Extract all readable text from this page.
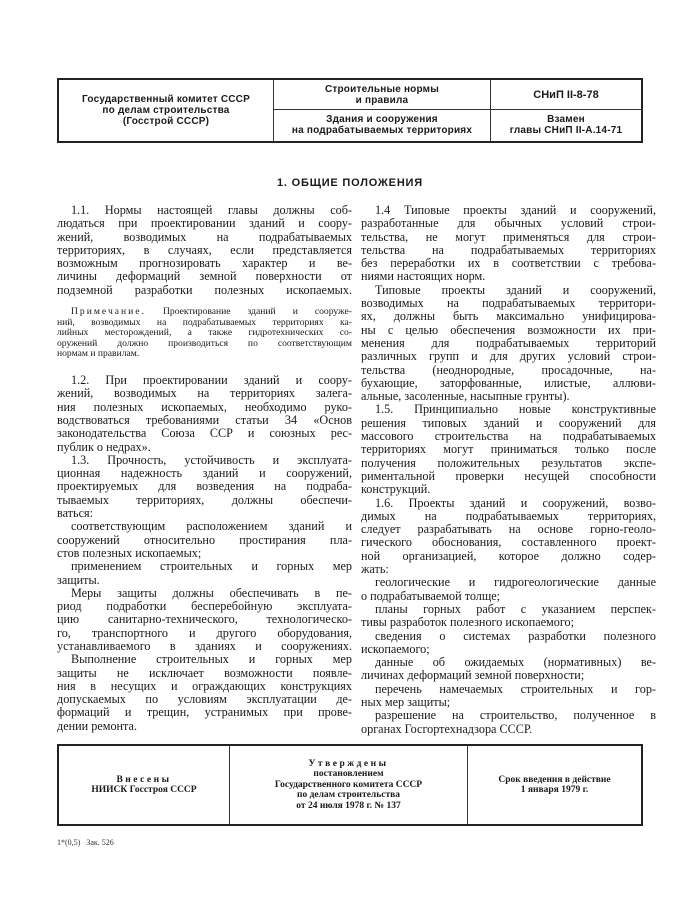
Государственный комитет СССР
по делам строительства
(Госстрой СССР)
Строительные нормы
и правила
Здания и сооружения
на подрабатываемых территориях
СНиП II-8-78
Взамен
главы СНиП II-А.14-71
1. ОБЩИЕ ПОЛОЖЕНИЯ
1.1. Нормы настоящей главы должны соб-
людаться при проектировании зданий и соору-
жений, возводимых на подрабатываемых
территориях, в случаях, если представляется
возможным прогнозировать характер и ве-
личины деформаций земной поверхности от
подземной разработки полезных ископаемых.
Примечание. Проектирование зданий и сооруже-
ний, возводимых на подрабатываемых территориях ка-
лийных месторождений, а также гидротехнических со-
оружений должно производиться по соответствующим
нормам и правилам.
1.2. При проектировании зданий и соору-
жений, возводимых на территориях залега-
ния полезных ископаемых, необходимо руко-
водствоваться требованиями статьи 34 «Основ
законодательства Союза ССР и союзных рес-
публик о недрах».
1.3. Прочность, устойчивость и эксплуата-
ционная надежность зданий и сооружений,
проектируемых для возведения на подраба-
тываемых территориях, должны обеспечи-
ваться:
соответствующим расположением зданий и
сооружений относительно простирания пла-
стов полезных ископаемых;
применением строительных и горных мер
защиты.
Меры защиты должны обеспечивать в пе-
риод подработки бесперебойную эксплуата-
цию санитарно-технического, технологическо-
го, транспортного и другого оборудования,
устанавливаемого в зданиях и сооружениях.
Выполнение строительных и горных мер
защиты не исключает возможности появле-
ния в несущих и ограждающих конструкциях
допускаемых по условиям эксплуатации де-
формаций и трещин, устранимых при прове-
дении ремонта.
1.4 Типовые проекты зданий и сооружений,
разработанные для обычных условий строи-
тельства, не могут применяться для строи-
тельства на подрабатываемых территориях
без переработки их в соответствии с требова-
ниями настоящих норм.
Типовые проекты зданий и сооружений,
возводимых на подрабатываемых территори-
ях, должны быть максимально унифицирова-
ны с целью обеспечения возможности их при-
менения для подрабатываемых территорий
различных групп и для других условий строи-
тельства (неоднородные, просадочные, на-
бухающие, заторфованные, илистые, аллюви-
альные, засоленные, насыпные грунты).
1.5. Принципиально новые конструктивные
решения типовых зданий и сооружений для
массового строительства на подрабатываемых
территориях могут приниматься только после
получения положительных результатов экспе-
риментальной проверки несущей способности
конструкций.
1.6. Проекты зданий и сооружений, возво-
димых на подрабатываемых территориях,
следует разрабатывать на основе горно-геоло-
гического обоснования, составленного проект-
ной организацией, которое должно содер-
жать:
геологические и гидрогеологические данные
о подрабатываемой толще;
планы горных работ с указанием перспек-
тивы разработок полезного ископаемого;
сведения о системах разработки полезного
ископаемого;
данные об ожидаемых (нормативных) ве-
личинах деформаций земной поверхности;
перечень намечаемых строительных и гор-
ных мер защиты;
разрешение на строительство, полученное в
органах Госгортехнадзора СССР.
Внесены
НИИСК Госстроя СССР
Утверждены
постановлением
Государственного комитета СССР
по делам строительства
от 24 июля 1978 г. № 137
Срок введения в действие
1 января 1979 г.
1*(0,5)   Зак. 526
